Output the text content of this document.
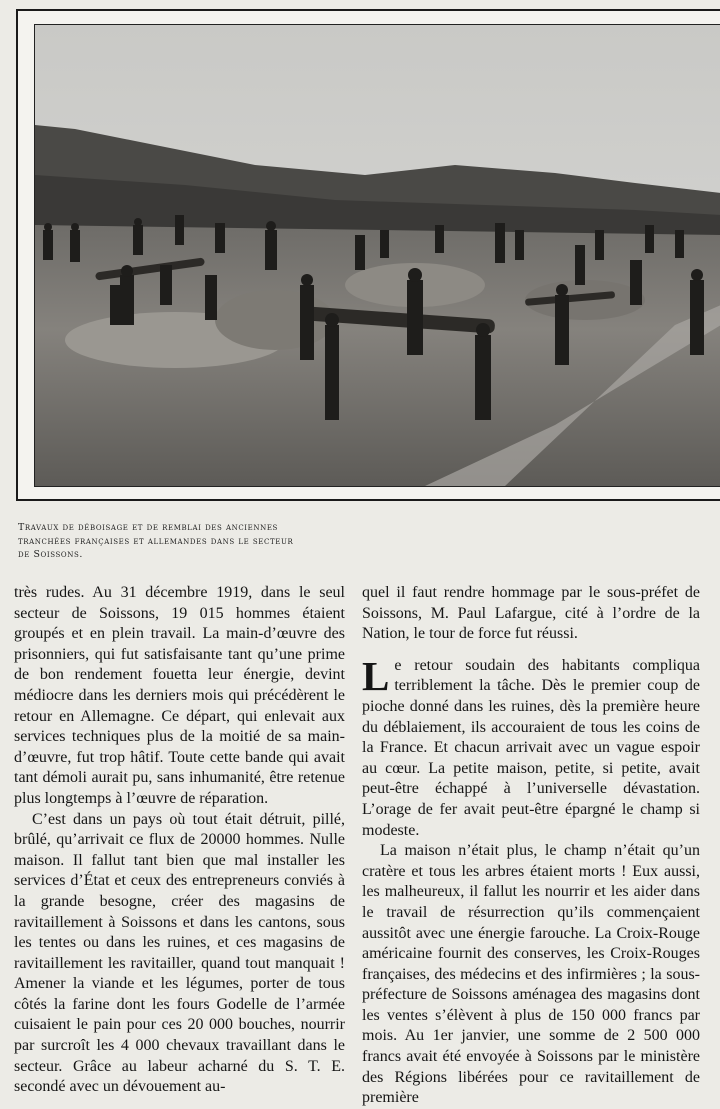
Travaux de déboisage et de remblai des anciennes tranchées françaises et allemandes dans le secteur de Soissons.

très rudes. Au 31 décembre 1919, dans le seul secteur de Soissons, 19 015 hommes étaient groupés et en plein travail. La main-d’œuvre des prisonniers, qui fut satisfaisante tant qu’une prime de bon rendement fouetta leur énergie, devint médiocre dans les derniers mois qui précédèrent le retour en Allemagne. Ce départ, qui enlevait aux services techniques plus de la moitié de sa main-d’œuvre, fut trop hâtif. Toute cette bande qui avait tant démoli aurait pu, sans inhumanité, être retenue plus longtemps à l’œuvre de réparation.

C’est dans un pays où tout était détruit, pillé, brûlé, qu’arrivait ce flux de 20000 hommes. Nulle maison. Il fallut tant bien que mal installer les services d’État et ceux des entrepreneurs conviés à la grande besogne, créer des magasins de ravitaillement à Soissons et dans les cantons, sous les tentes ou dans les ruines, et ces magasins de ravitaillement les ravitailler, quand tout manquait ! Amener la viande et les légumes, porter de tous côtés la farine dont les fours Godelle de l’armée cuisaient le pain pour ces 20 000 bouches, nourrir par surcroît les 4 000 chevaux travaillant dans le secteur. Grâce au labeur acharné du S. T. E. secondé avec un dévouement au-

quel il faut rendre hommage par le sous-préfet de Soissons, M. Paul Lafargue, cité à l’ordre de la Nation, le tour de force fut réussi.

Le retour soudain des habitants compliqua terriblement la tâche. Dès le premier coup de pioche donné dans les ruines, dès la première heure du déblaiement, ils accouraient de tous les coins de la France. Et chacun arrivait avec un vague espoir au cœur. La petite maison, petite, si petite, avait peut-être échappé à l’universelle dévastation. L’orage de fer avait peut-être épargné le champ si modeste.

La maison n’était plus, le champ n’était qu’un cratère et tous les arbres étaient morts ! Eux aussi, les malheureux, il fallut les nourrir et les aider dans le travail de résurrection qu’ils commençaient aussitôt avec une énergie farouche. La Croix-Rouge américaine fournit des conserves, les Croix-Rouges françaises, des médecins et des infirmières ; la sous-préfecture de Soissons aménagea des magasins dont les ventes s’élèvent à plus de 150 000 francs par mois. Au 1er janvier, une somme de 2 500 000 francs avait été envoyée à Soissons par le ministère des Régions libérées pour ce ravitaillement de première
